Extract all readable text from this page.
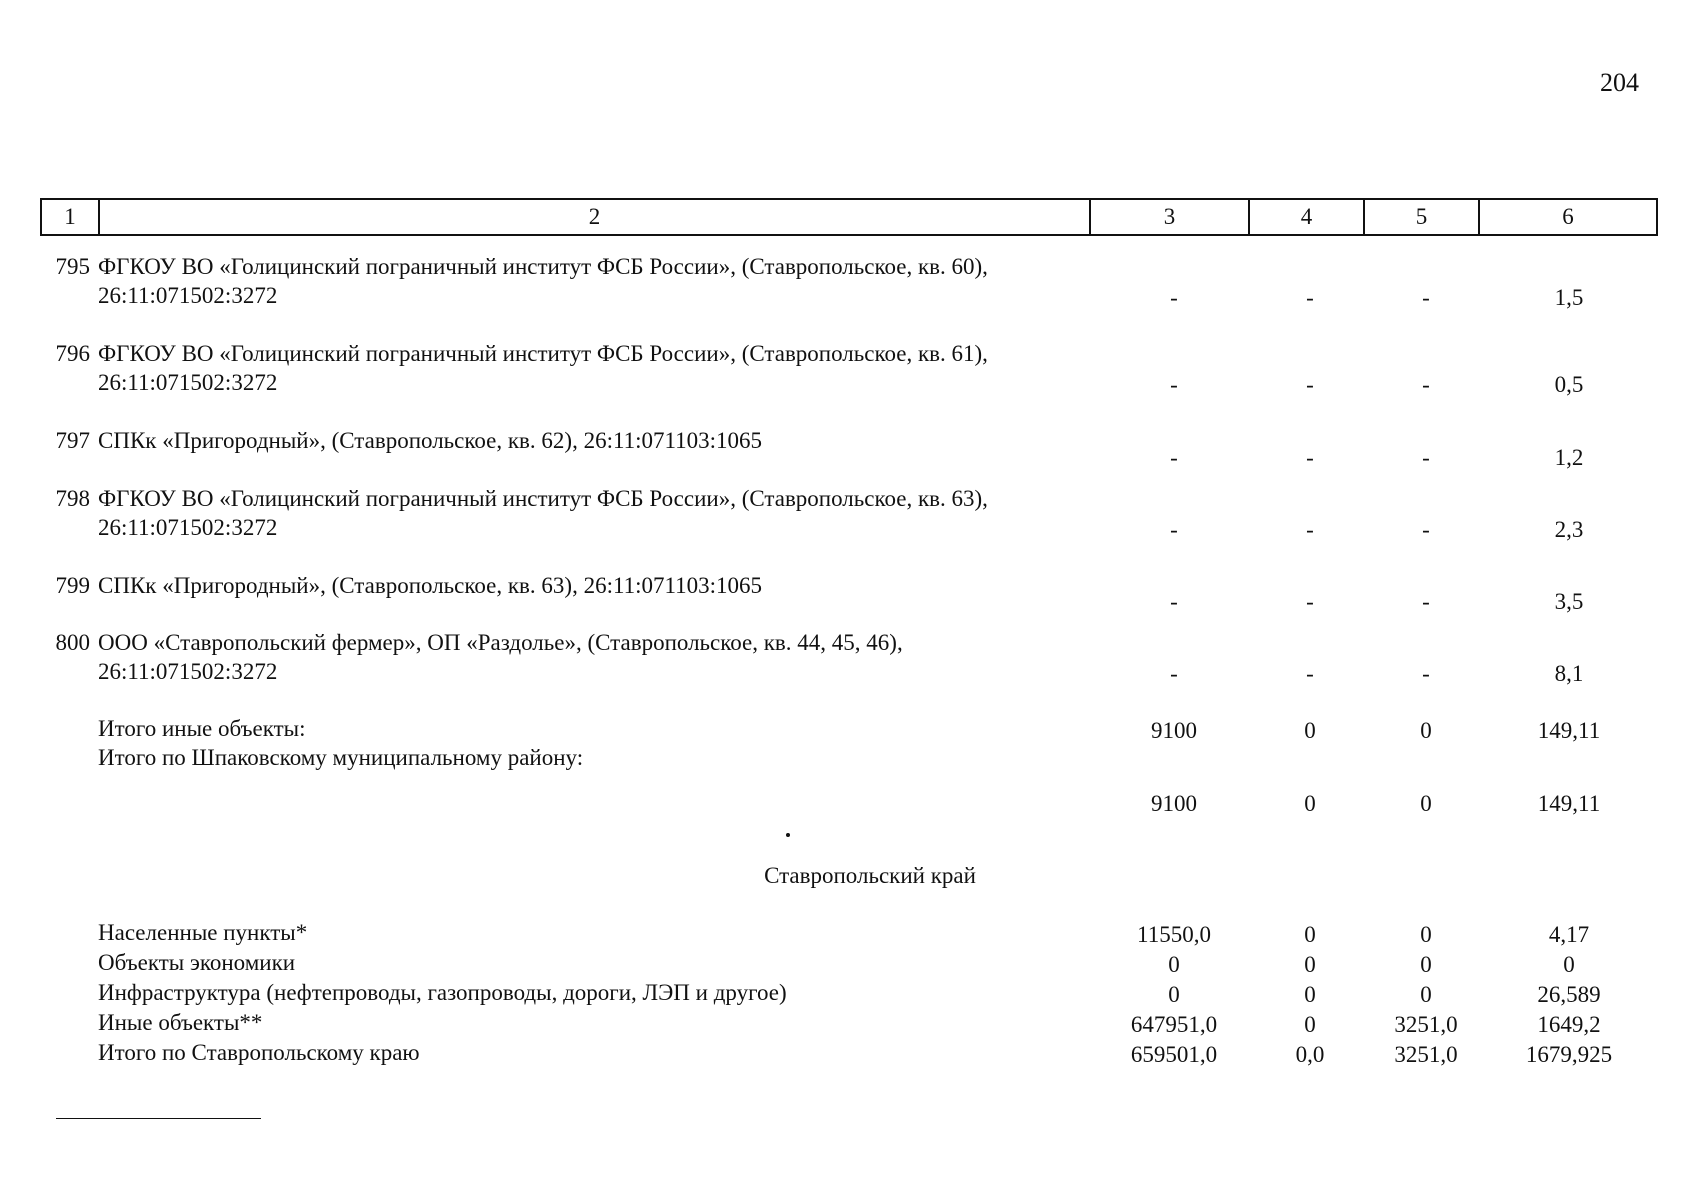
204
1	2	3	4	5	6
795 ФГКОУ ВО «Голицинский пограничный институт ФСБ России», (Ставропольское, кв. 60),
26:11:071502:3272	-	-	-	1,5
796 ФГКОУ ВО «Голицинский пограничный институт ФСБ России», (Ставропольское, кв. 61),
26:11:071502:3272	-	-	-	0,5
797 СПКк «Пригородный», (Ставропольское, кв. 62), 26:11:071103:1065
-	-	-	1,2
798 ФГКОУ ВО «Голицинский пограничный институт ФСБ России», (Ставропольское, кв. 63),
26:11:071502:3272	-	-	-	2,3
799 СПКк «Пригородный», (Ставропольское, кв. 63), 26:11:071103:1065
-	-	-	3,5
800 ООО «Ставропольский фермер», ОП «Раздолье», (Ставропольское, кв. 44, 45, 46),
26:11:071502:3272	-	-	-	8,1
Итого иные объекты:	9100	0	0	149,11
Итого по Шпаковскому муниципальному району:
9100	0	0	149,11
Ставропольский край
Населенные пункты*	11550,0	0	0	4,17
Объекты экономики	0	0	0	0
Инфраструктура (нефтепроводы, газопроводы, дороги, ЛЭП и другое)	0	0	0	26,589
Иные объекты**	647951,0	0	3251,0	1649,2
Итого по Ставропольскому краю	659501,0	0,0	3251,0	1679,925
